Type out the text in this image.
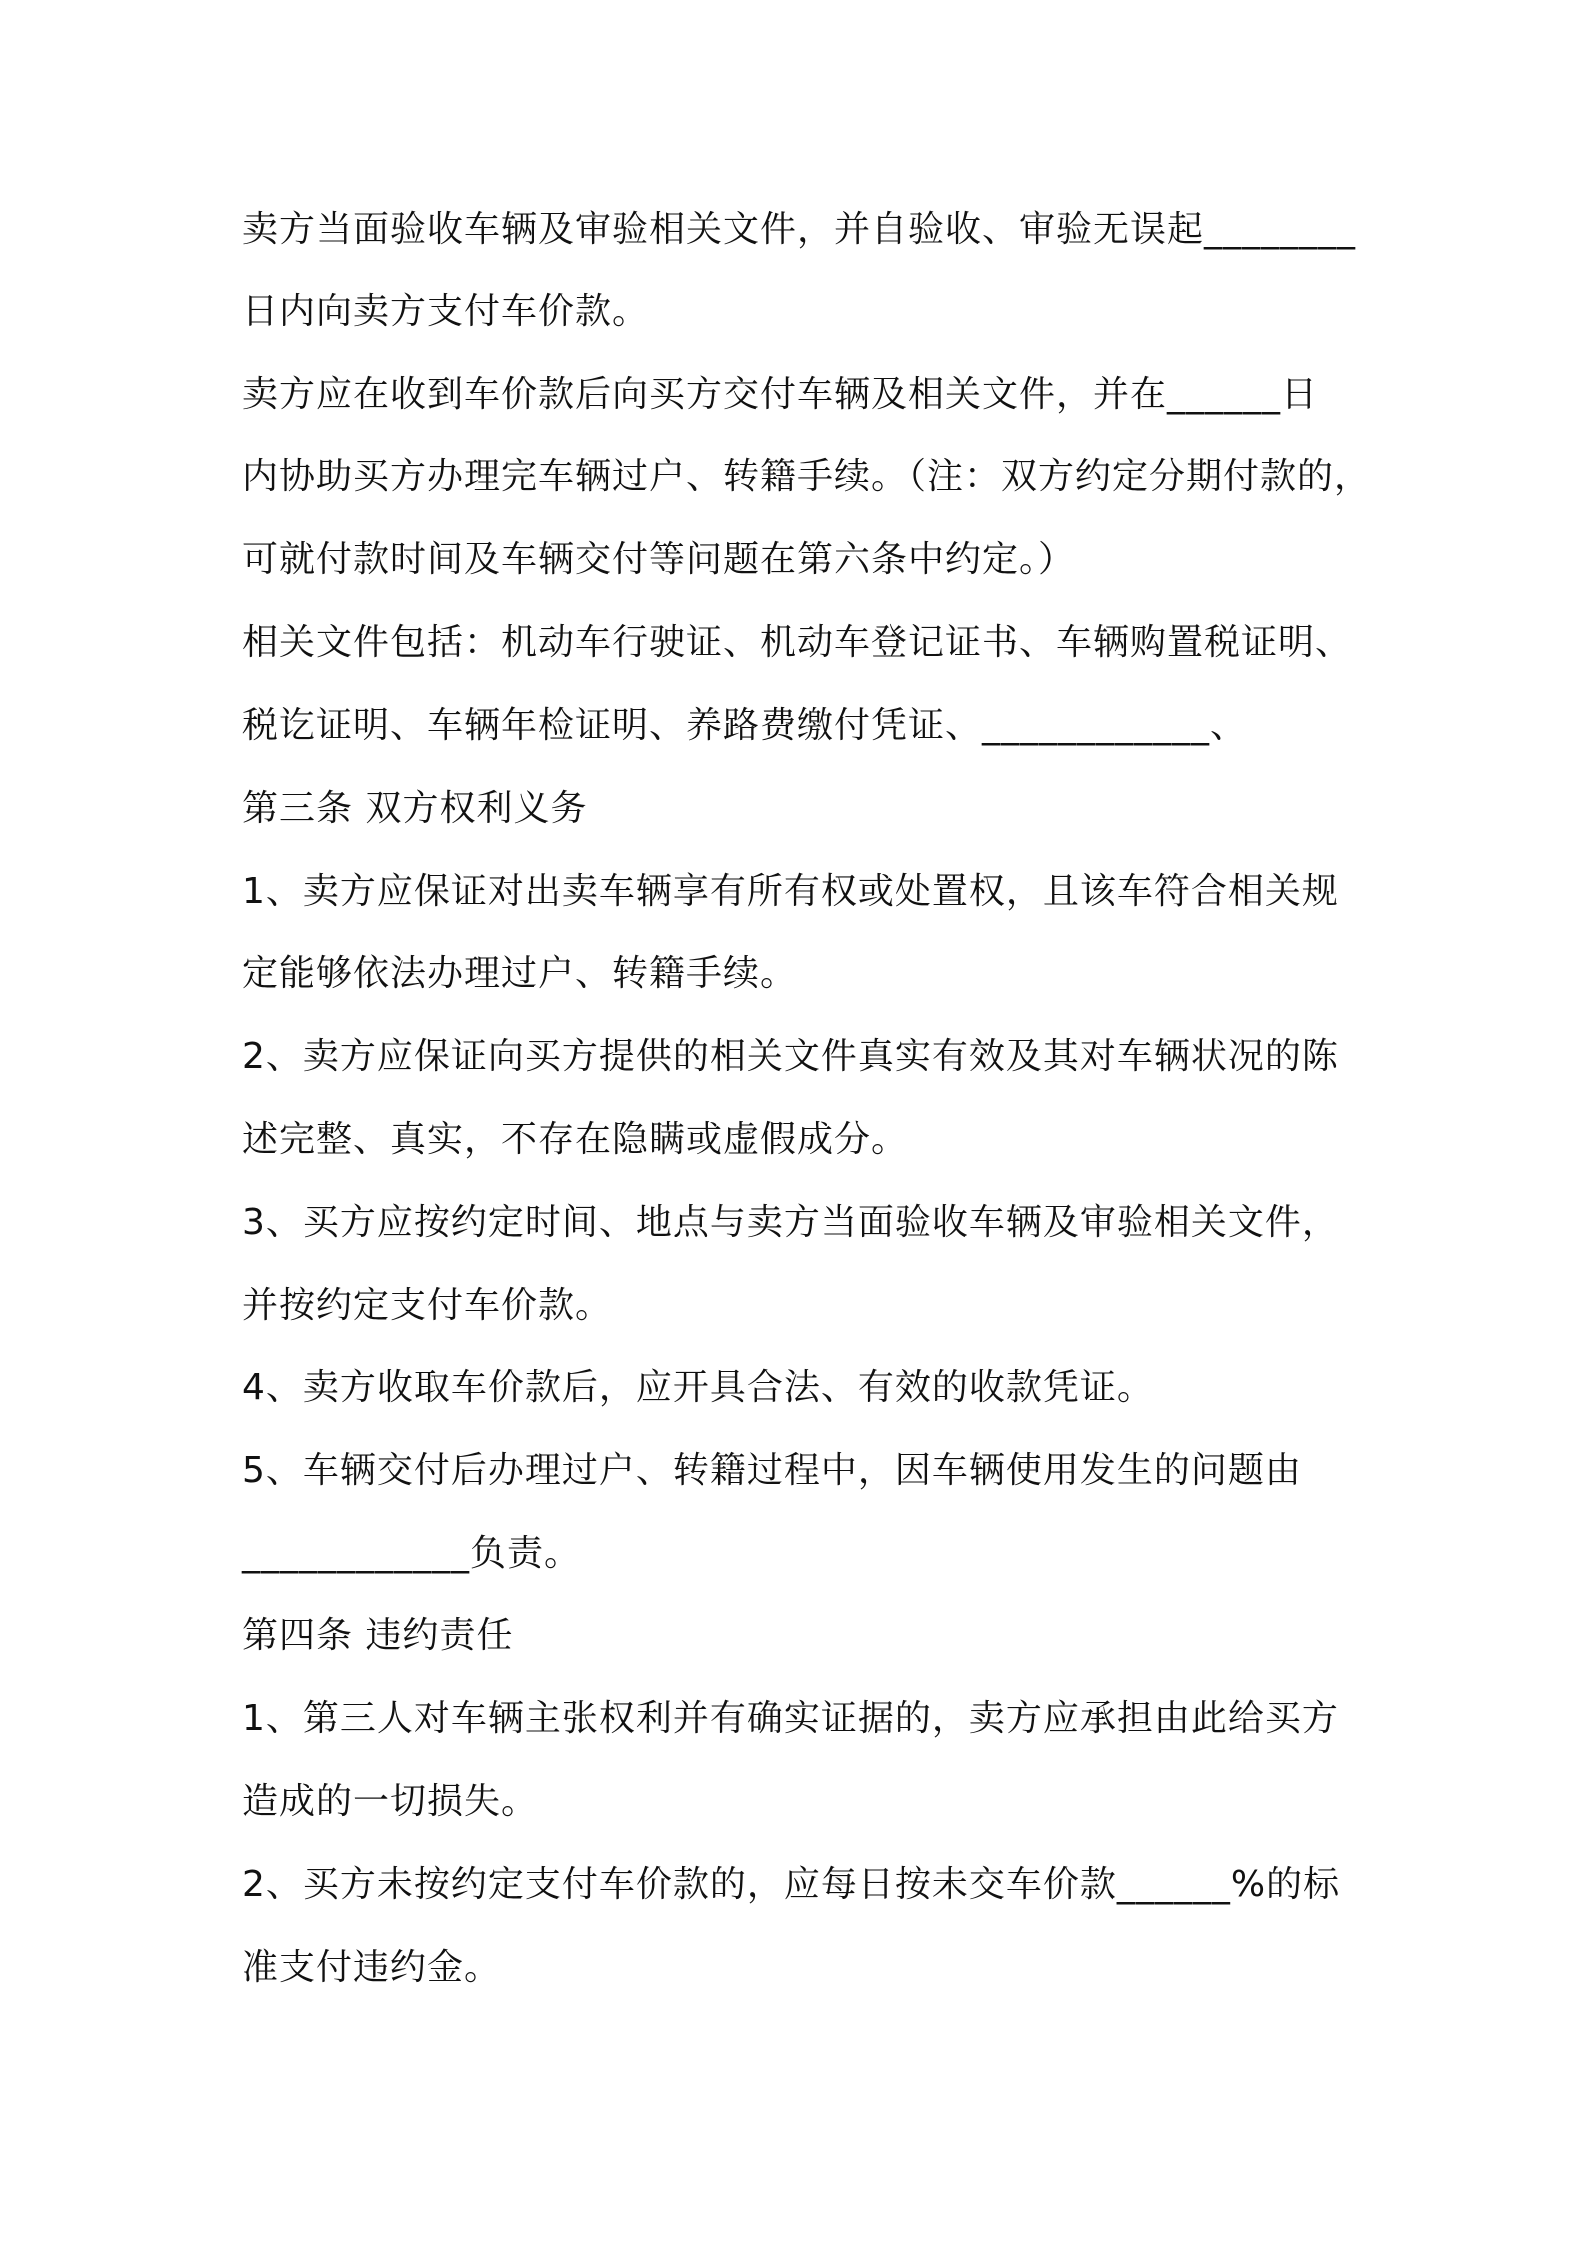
卖方当面验收车辆及审验相关文件，并自验收、审验无误起________
日内向卖方支付车价款。
卖方应在收到车价款后向买方交付车辆及相关文件，并在______日
内协助买方办理完车辆过户、转籍手续。（注：双方约定分期付款的，
可就付款时间及车辆交付等问题在第六条中约定。）
相关文件包括：机动车行驶证、机动车登记证书、车辆购置税证明、
税讫证明、车辆年检证明、养路费缴付凭证、____________、
第三条 双方权利义务
1、卖方应保证对出卖车辆享有所有权或处置权，且该车符合相关规
定能够依法办理过户、转籍手续。
2、卖方应保证向买方提供的相关文件真实有效及其对车辆状况的陈
述完整、真实，不存在隐瞒或虚假成分。
3、买方应按约定时间、地点与卖方当面验收车辆及审验相关文件，
并按约定支付车价款。
4、卖方收取车价款后，应开具合法、有效的收款凭证。
5、车辆交付后办理过户、转籍过程中，因车辆使用发生的问题由
____________负责。
第四条 违约责任
1、第三人对车辆主张权利并有确实证据的，卖方应承担由此给买方
造成的一切损失。
2、买方未按约定支付车价款的，应每日按未交车价款______%的标
准支付违约金。
